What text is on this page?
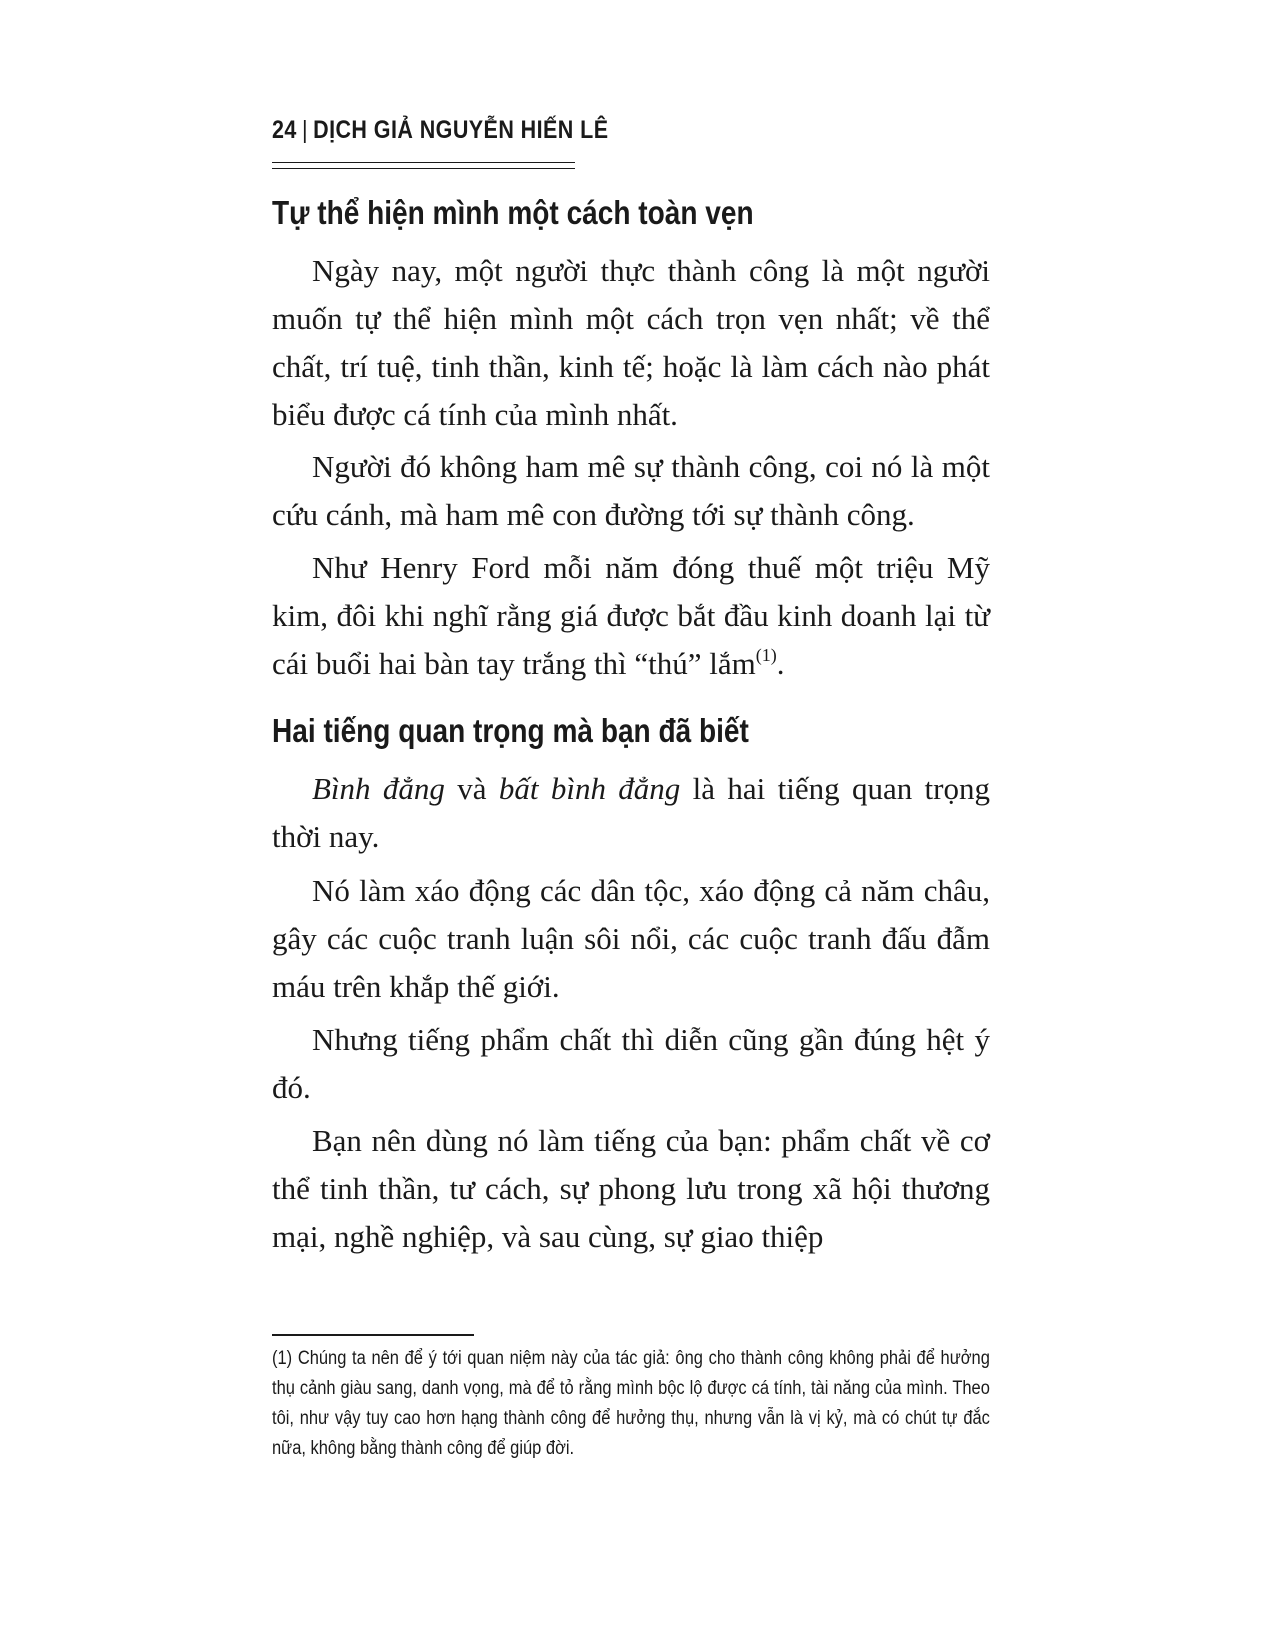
24 | DỊCH GIẢ NGUYỄN HIẾN LÊ
Tự thể hiện mình một cách toàn vẹn

Ngày nay, một người thực thành công là một người muốn tự thể hiện mình một cách trọn vẹn nhất; về thể chất, trí tuệ, tinh thần, kinh tế; hoặc là làm cách nào phát biểu được cá tính của mình nhất.

Người đó không ham mê sự thành công, coi nó là một cứu cánh, mà ham mê con đường tới sự thành công.

Như Henry Ford mỗi năm đóng thuế một triệu Mỹ kim, đôi khi nghĩ rằng giá được bắt đầu kinh doanh lại từ cái buổi hai bàn tay trắng thì “thú” lắm$^{(1)}$.

Hai tiếng quan trọng mà bạn đã biết

Bình đẳng và bất bình đẳng là hai tiếng quan trọng thời nay.

Nó làm xáo động các dân tộc, xáo động cả năm châu, gây các cuộc tranh luận sôi nổi, các cuộc tranh đấu đẫm máu trên khắp thế giới.

Nhưng tiếng phẩm chất thì diễn cũng gần đúng hệt ý đó.

Bạn nên dùng nó làm tiếng của bạn: phẩm chất về cơ thể tinh thần, tư cách, sự phong lưu trong xã hội thương mại, nghề nghiệp, và sau cùng, sự giao thiệp

(1) Chúng ta nên để ý tới quan niệm này của tác giả: ông cho thành công không phải để hưởng thụ cảnh giàu sang, danh vọng, mà để tỏ rằng mình bộc lộ được cá tính, tài năng của mình. Theo tôi, như vậy tuy cao hơn hạng thành công để hưởng thụ, nhưng vẫn là vị kỷ, mà có chút tự đắc nữa, không bằng thành công để giúp đời.
